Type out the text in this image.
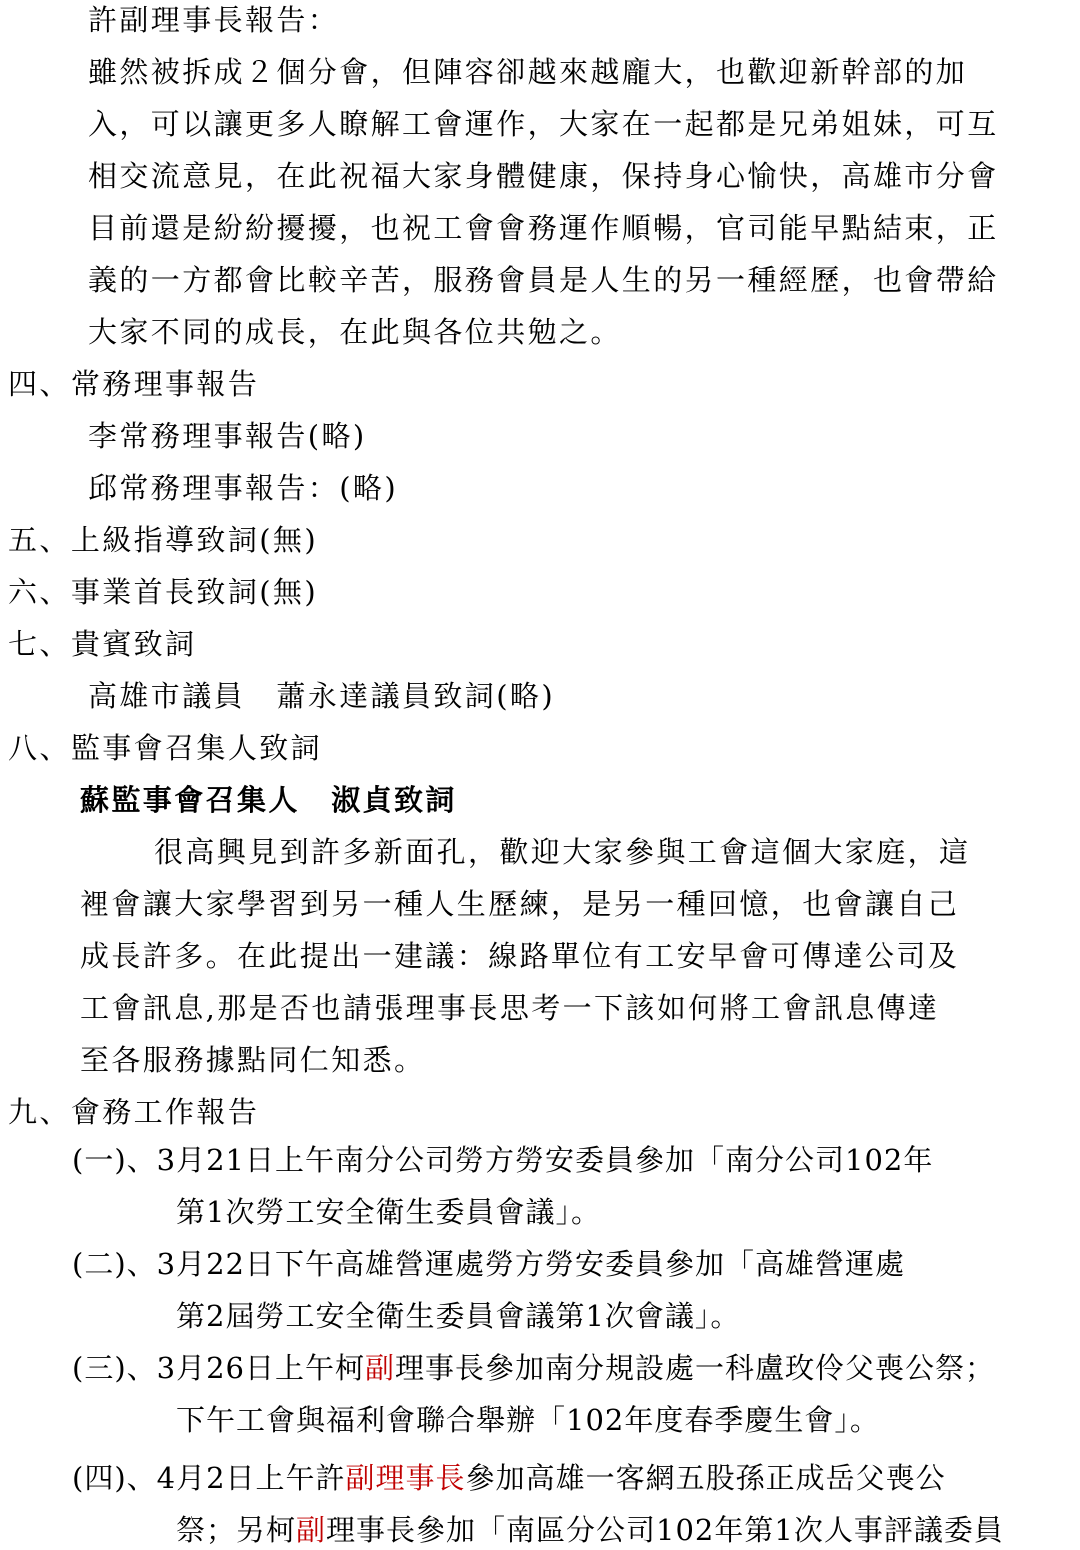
許副理事長報告：
雖然被拆成２個分會，但陣容卻越來越龐大，也歡迎新幹部的加
入，可以讓更多人瞭解工會運作，大家在一起都是兄弟姐妹，可互
相交流意見，在此祝福大家身體健康，保持身心愉快，高雄市分會
目前還是紛紛擾擾，也祝工會會務運作順暢，官司能早點結束，正
義的一方都會比較辛苦，服務會員是人生的另一種經歷，也會帶給
大家不同的成長，在此與各位共勉之。
四、常務理事報告
李常務理事報告(略)
邱常務理事報告：(略)
五、上級指導致詞(無)
六、事業首長致詞(無)
七、貴賓致詞
高雄市議員　蕭永達議員致詞(略)
八、監事會召集人致詞
蘇監事會召集人　淑貞致詞
很高興見到許多新面孔，歡迎大家參與工會這個大家庭，這
裡會讓大家學習到另一種人生歷練，是另一種回憶，也會讓自己
成長許多。在此提出一建議：線路單位有工安早會可傳達公司及
工會訊息,那是否也請張理事長思考一下該如何將工會訊息傳達
至各服務據點同仁知悉。
九、會務工作報告
(一)、3月21日上午南分公司勞方勞安委員參加「南分公司102年
第1次勞工安全衛生委員會議」。
(二)、3月22日下午高雄營運處勞方勞安委員參加「高雄營運處
第2屆勞工安全衛生委員會議第1次會議」。
(三)、3月26日上午柯副理事長參加南分規設處一科盧玫伶父喪公祭；
下午工會與福利會聯合舉辦「102年度春季慶生會」。
(四)、4月2日上午許副理事長參加高雄一客網五股孫正成岳父喪公
祭；另柯副理事長參加「南區分公司102年第1次人事評議委員
